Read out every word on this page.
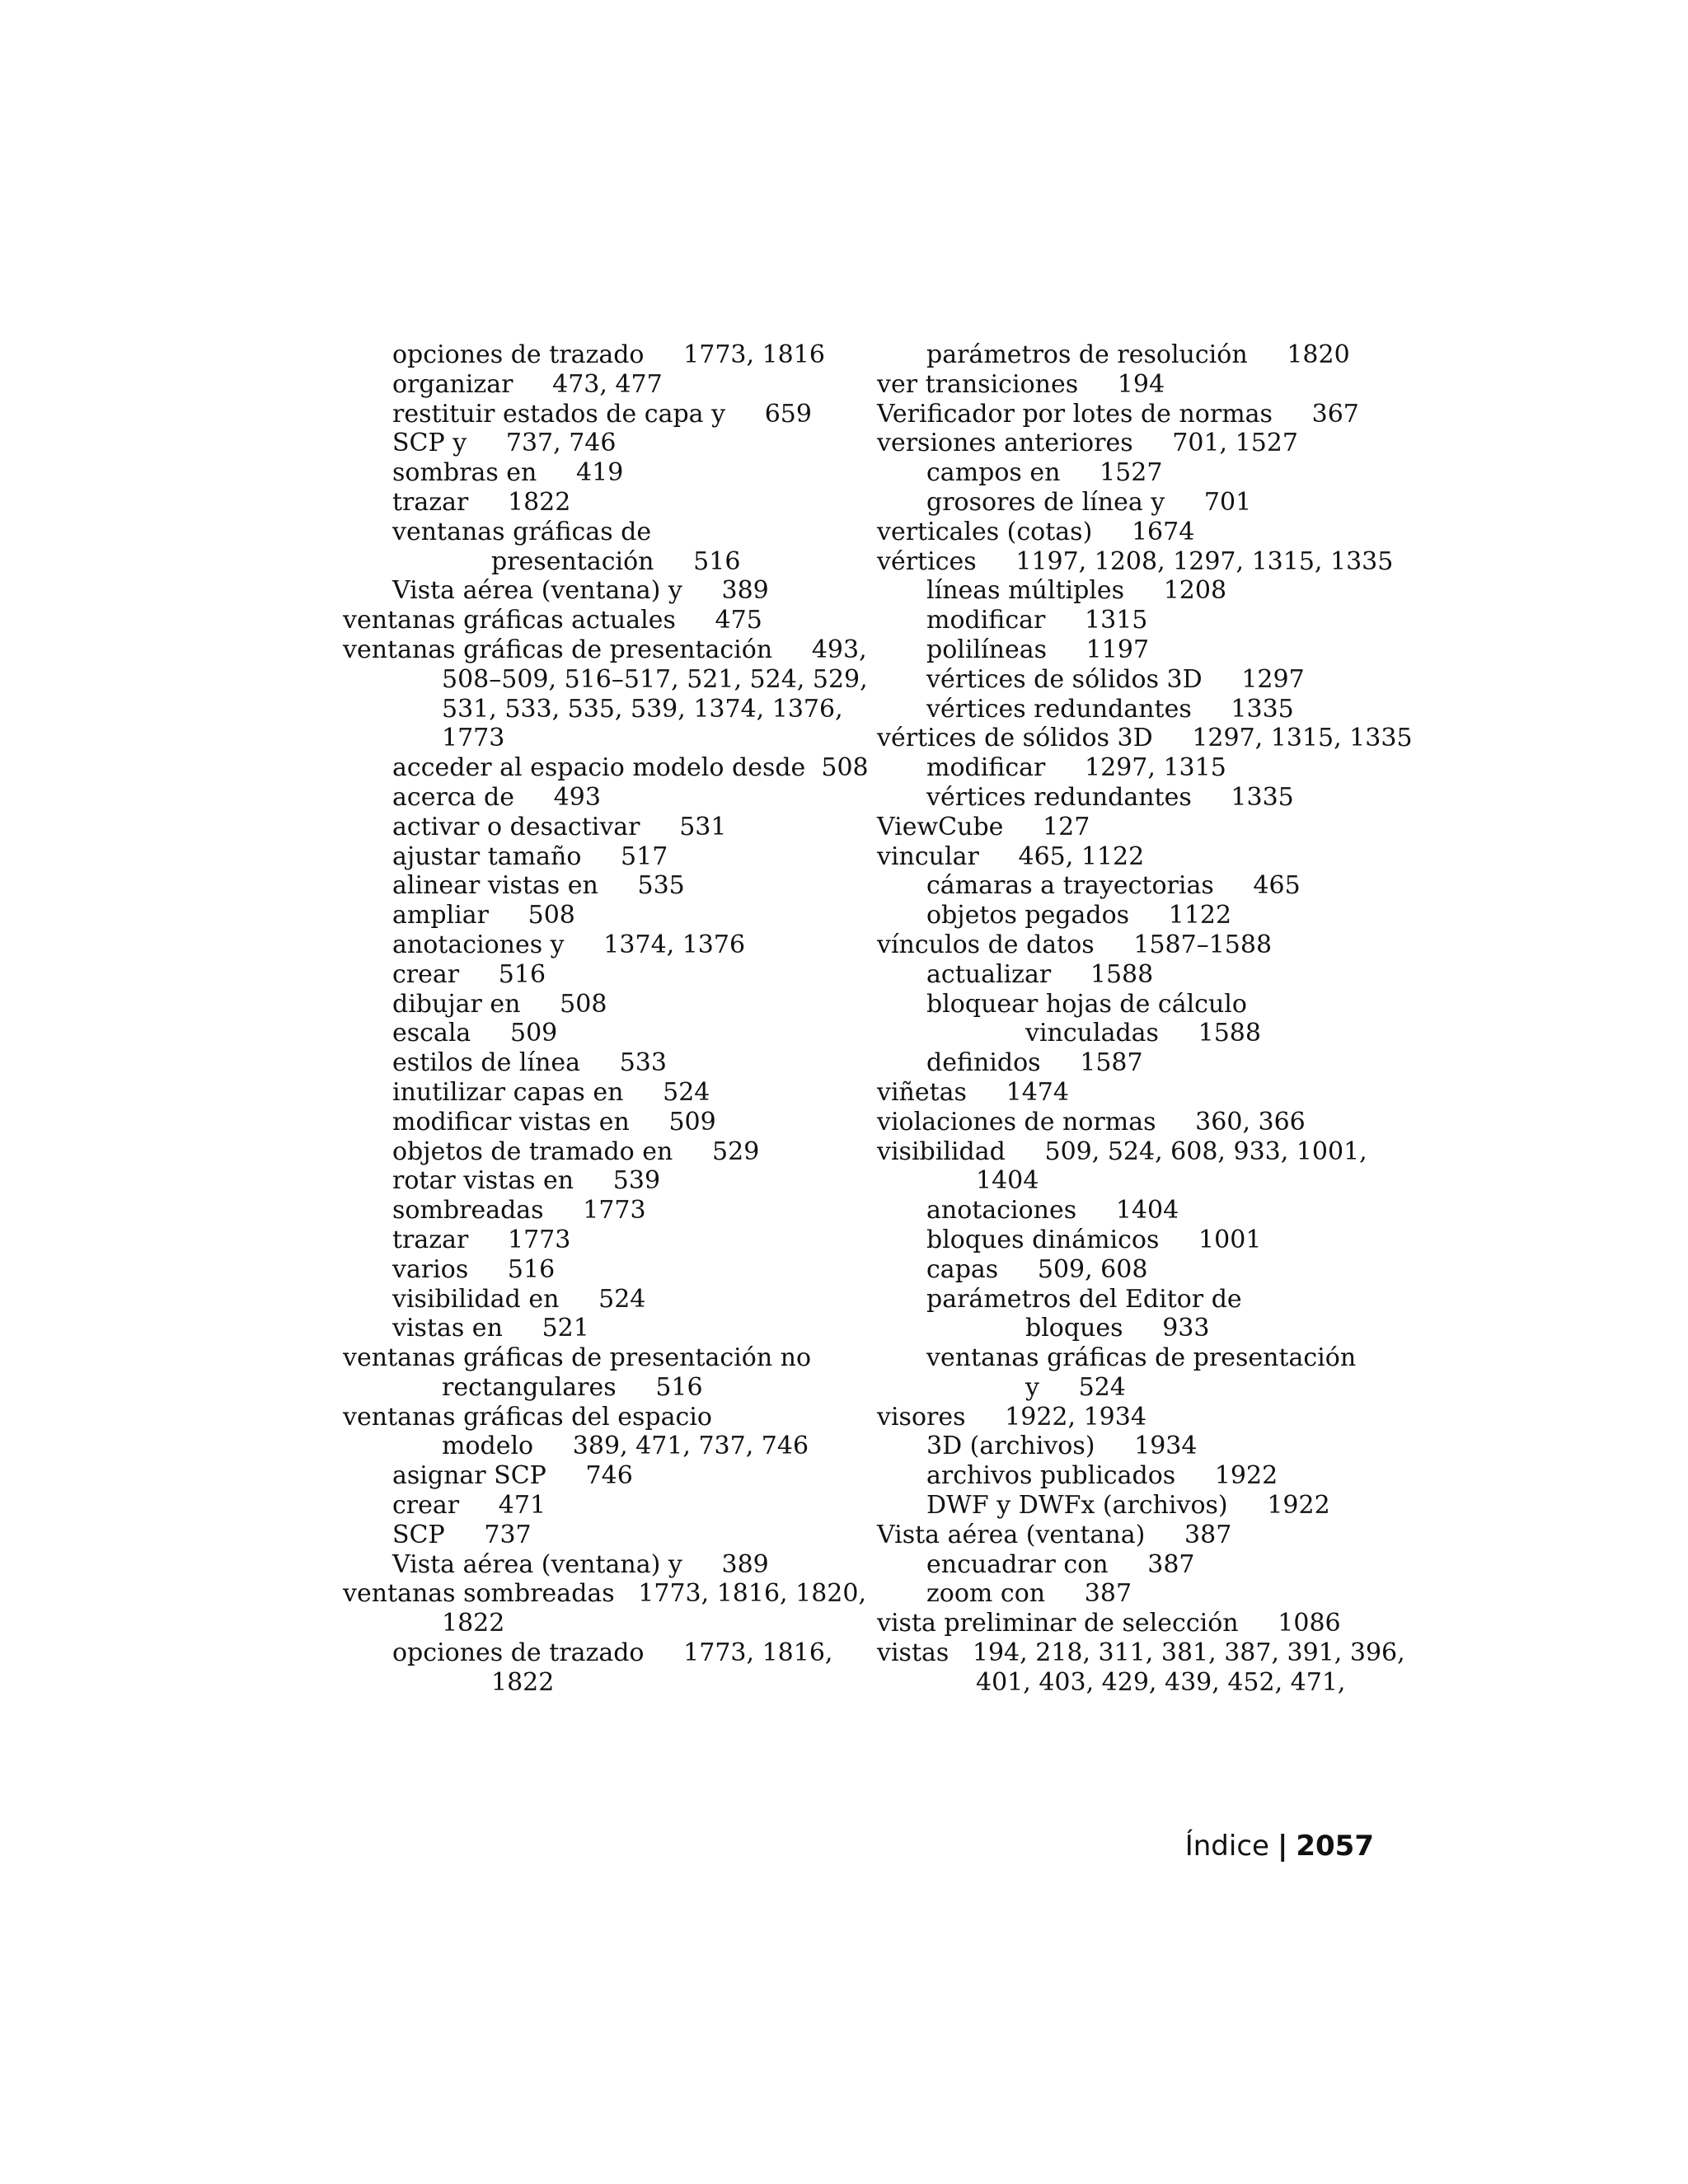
opciones de trazado     1773, 1816
organizar     473, 477
restituir estados de capa y     659
SCP y     737, 746
sombras en     419
trazar     1822
ventanas gráficas de
presentación     516
Vista aérea (ventana) y     389
ventanas gráficas actuales     475
ventanas gráficas de presentación     493,
508–509, 516–517, 521, 524, 529,
531, 533, 535, 539, 1374, 1376,
1773
acceder al espacio modelo desde  508
acerca de     493
activar o desactivar     531
ajustar tamaño     517
alinear vistas en     535
ampliar     508
anotaciones y     1374, 1376
crear     516
dibujar en     508
escala     509
estilos de línea     533
inutilizar capas en     524
modificar vistas en     509
objetos de tramado en     529
rotar vistas en     539
sombreadas     1773
trazar     1773
varios     516
visibilidad en     524
vistas en     521
ventanas gráficas de presentación no
rectangulares     516
ventanas gráficas del espacio
modelo     389, 471, 737, 746
asignar SCP     746
crear     471
SCP     737
Vista aérea (ventana) y     389
ventanas sombreadas   1773, 1816, 1820,
1822
opciones de trazado     1773, 1816,
1822
parámetros de resolución     1820
ver transiciones     194
Verificador por lotes de normas     367
versiones anteriores     701, 1527
campos en     1527
grosores de línea y     701
verticales (cotas)     1674
vértices     1197, 1208, 1297, 1315, 1335
líneas múltiples     1208
modificar     1315
polilíneas     1197
vértices de sólidos 3D     1297
vértices redundantes     1335
vértices de sólidos 3D     1297, 1315, 1335
modificar     1297, 1315
vértices redundantes     1335
ViewCube     127
vincular     465, 1122
cámaras a trayectorias     465
objetos pegados     1122
vínculos de datos     1587–1588
actualizar     1588
bloquear hojas de cálculo
vinculadas     1588
definidos     1587
viñetas     1474
violaciones de normas     360, 366
visibilidad     509, 524, 608, 933, 1001,
1404
anotaciones     1404
bloques dinámicos     1001
capas     509, 608
parámetros del Editor de
bloques     933
ventanas gráficas de presentación
y     524
visores     1922, 1934
3D (archivos)     1934
archivos publicados     1922
DWF y DWFx (archivos)     1922
Vista aérea (ventana)     387
encuadrar con     387
zoom con     387
vista preliminar de selección     1086
vistas   194, 218, 311, 381, 387, 391, 396,
401, 403, 429, 439, 452, 471,
Índice | 2057
